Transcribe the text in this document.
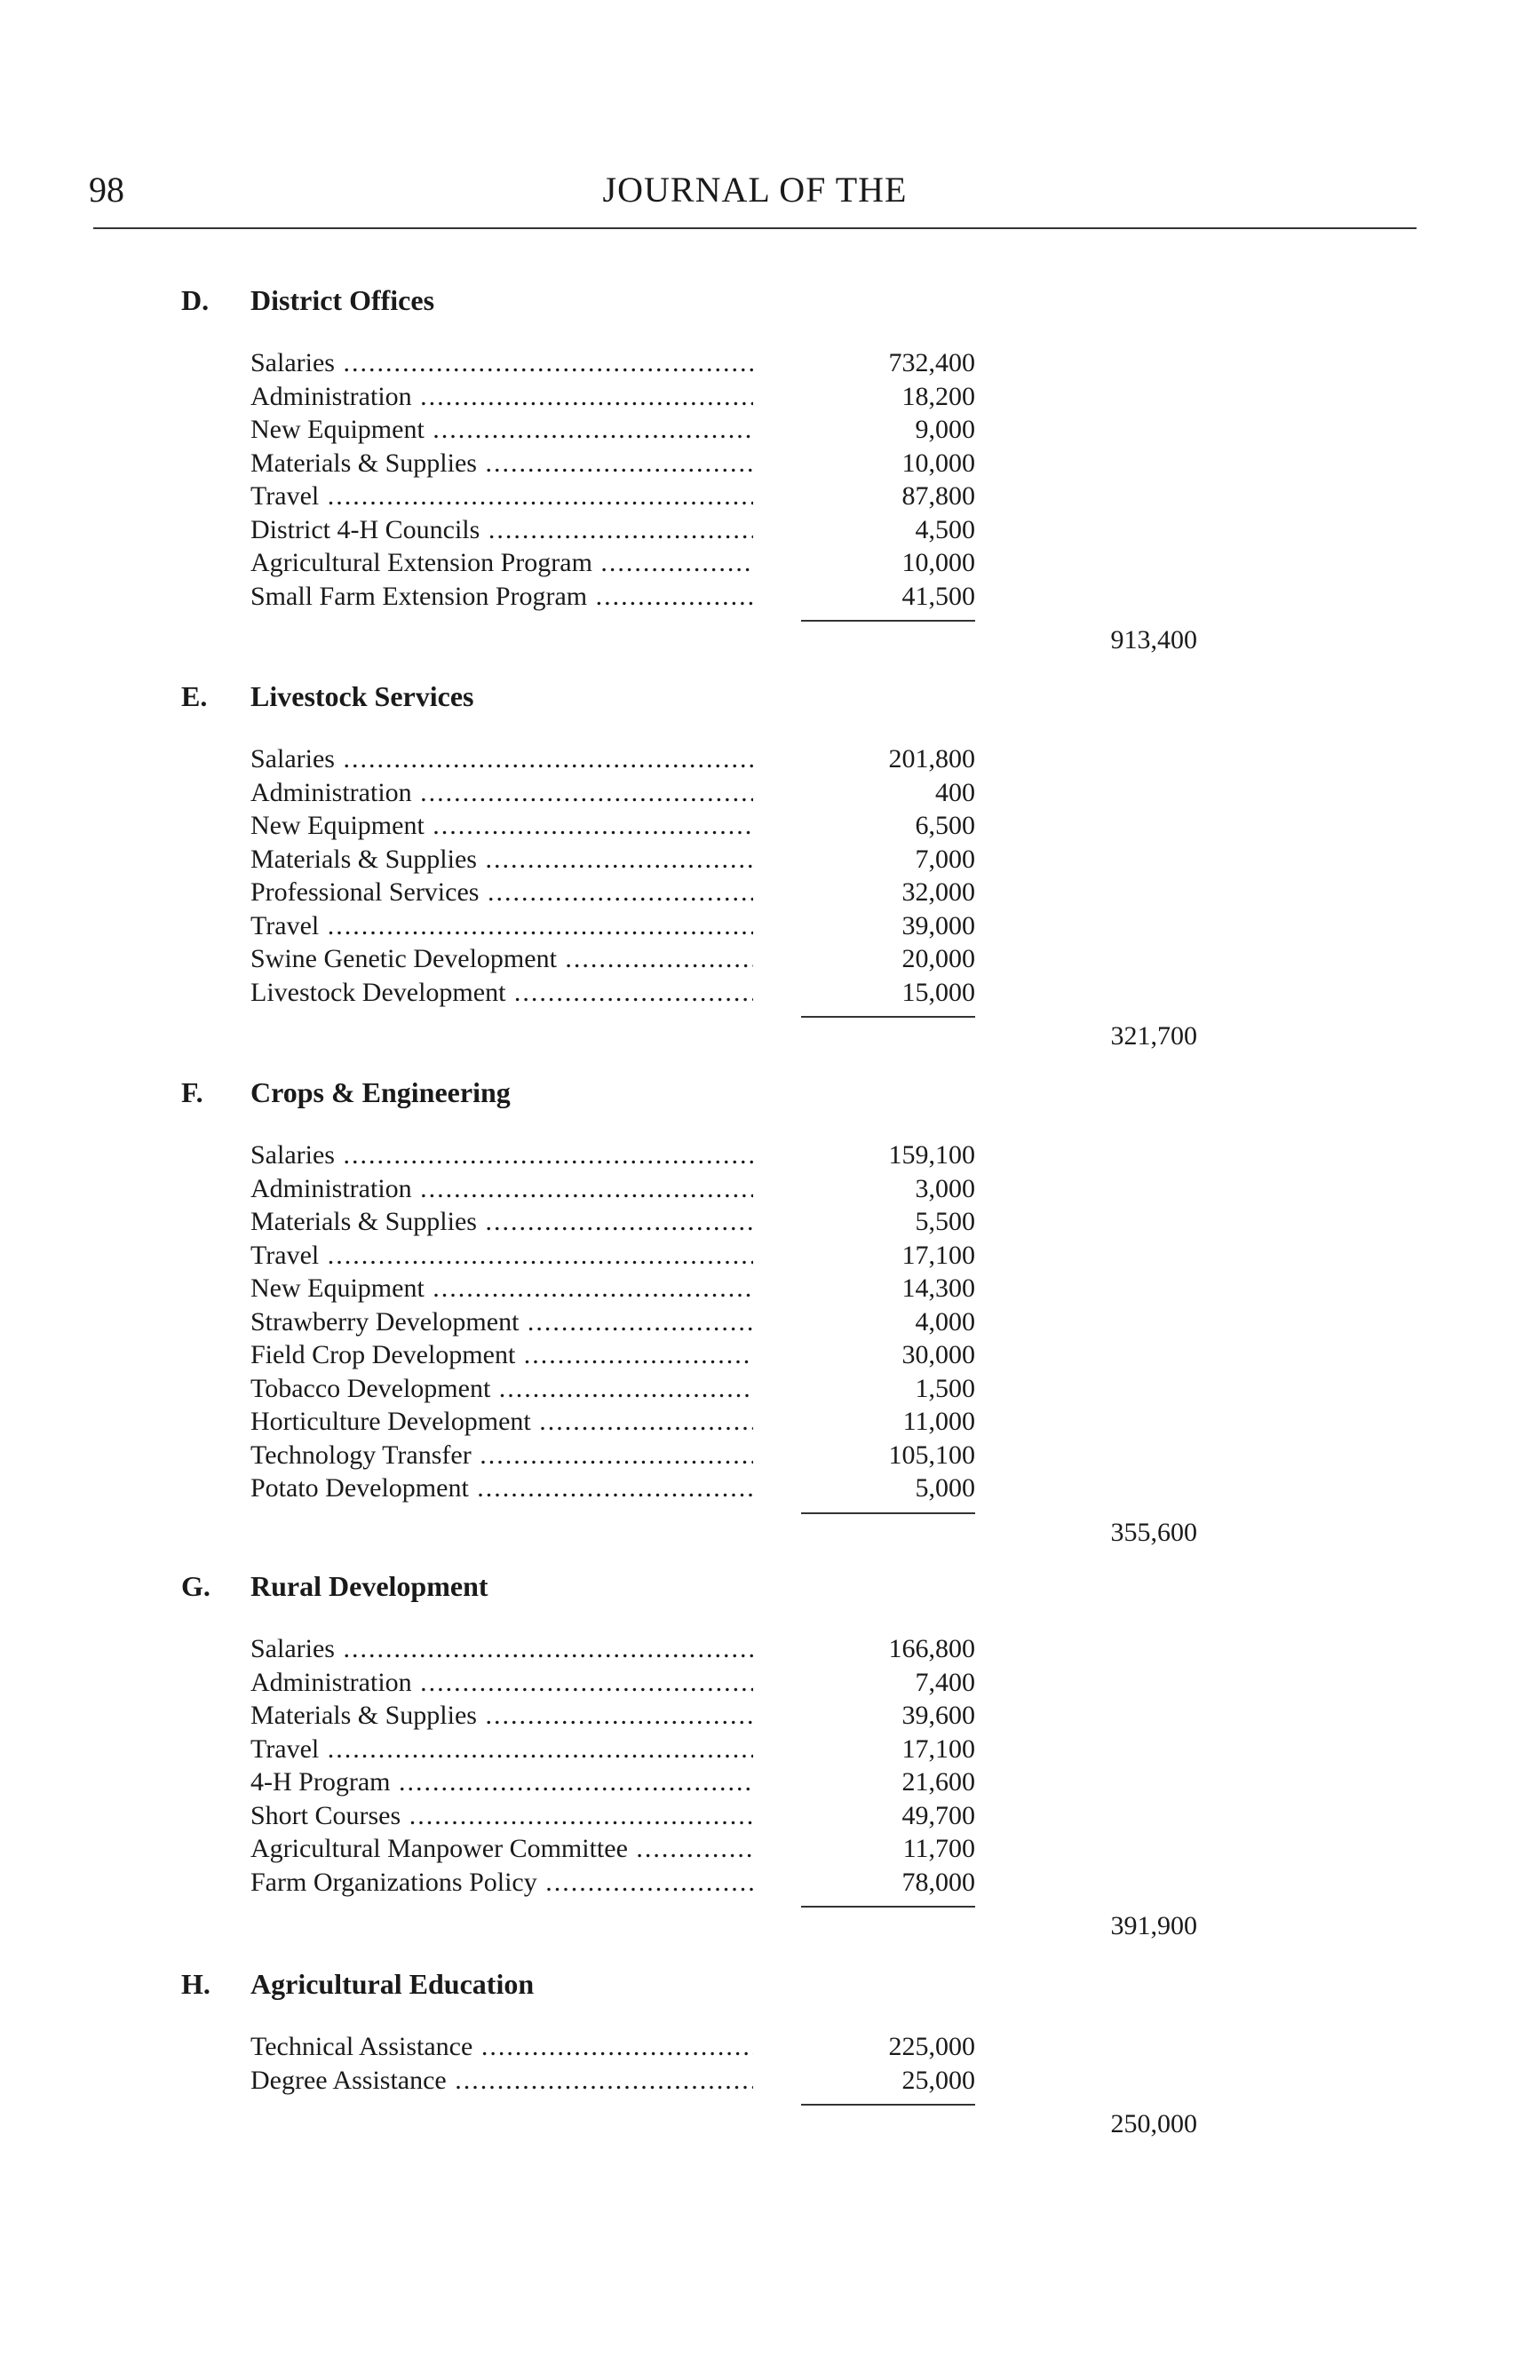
98	JOURNAL OF THE
D. District Offices
Salaries .....	732,400
Administration .....	18,200
New Equipment .....	9,000
Materials & Supplies .....	10,000
Travel .....	87,800
District 4-H Councils .....	4,500
Agricultural Extension Program .....	10,000
Small Farm Extension Program .....	41,500
913,400
E. Livestock Services
Salaries .....	201,800
Administration .....	400
New Equipment .....	6,500
Materials & Supplies .....	7,000
Professional Services .....	32,000
Travel .....	39,000
Swine Genetic Development .....	20,000
Livestock Development .....	15,000
321,700
F. Crops & Engineering
Salaries .....	159,100
Administration .....	3,000
Materials & Supplies .....	5,500
Travel .....	17,100
New Equipment .....	14,300
Strawberry Development .....	4,000
Field Crop Development .....	30,000
Tobacco Development .....	1,500
Horticulture Development .....	11,000
Technology Transfer .....	105,100
Potato Development .....	5,000
355,600
G. Rural Development
Salaries .....	166,800
Administration .....	7,400
Materials & Supplies .....	39,600
Travel .....	17,100
4-H Program .....	21,600
Short Courses .....	49,700
Agricultural Manpower Committee .....	11,700
Farm Organizations Policy .....	78,000
391,900
H. Agricultural Education
Technical Assistance .....	225,000
Degree Assistance .....	25,000
250,000
